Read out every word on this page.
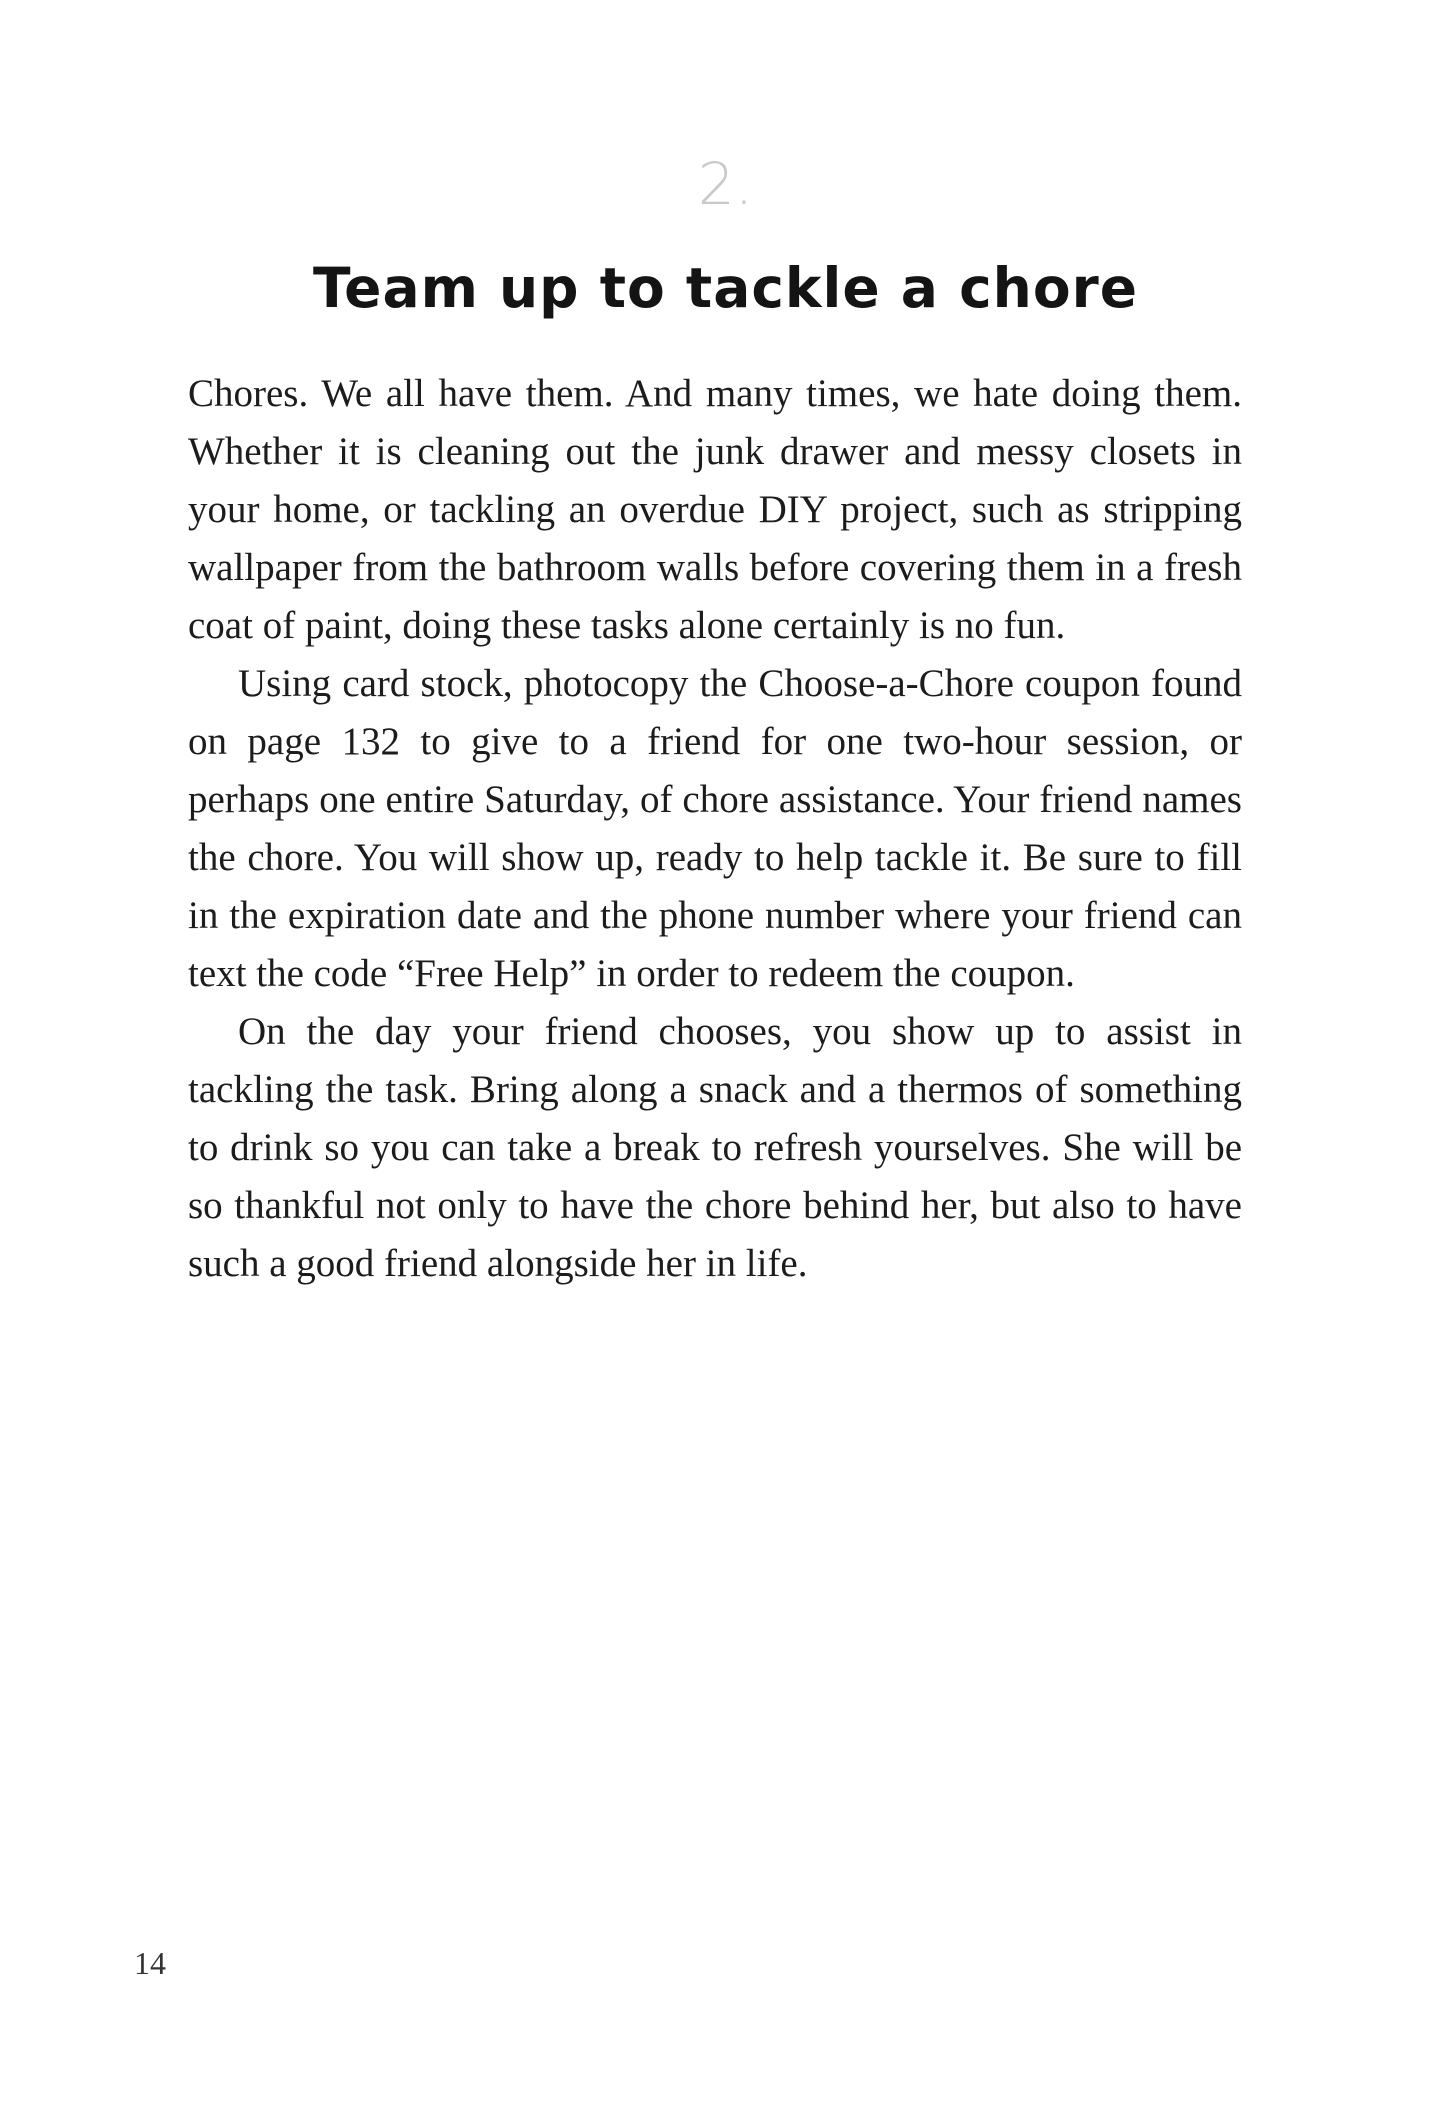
2.
Team up to tackle a chore

Chores. We all have them. And many times, we hate doing them. Whether it is cleaning out the junk drawer and messy closets in your home, or tackling an overdue DIY project, such as stripping wallpaper from the bathroom walls before covering them in a fresh coat of paint, doing these tasks alone certainly is no fun.

Using card stock, photocopy the Choose-a-Chore coupon found on page 132 to give to a friend for one two-hour session, or perhaps one entire Saturday, of chore assistance. Your friend names the chore. You will show up, ready to help tackle it. Be sure to fill in the expiration date and the phone number where your friend can text the code “Free Help” in order to redeem the coupon.

On the day your friend chooses, you show up to assist in tackling the task. Bring along a snack and a thermos of something to drink so you can take a break to refresh yourselves. She will be so thankful not only to have the chore behind her, but also to have such a good friend alongside her in life.

14
